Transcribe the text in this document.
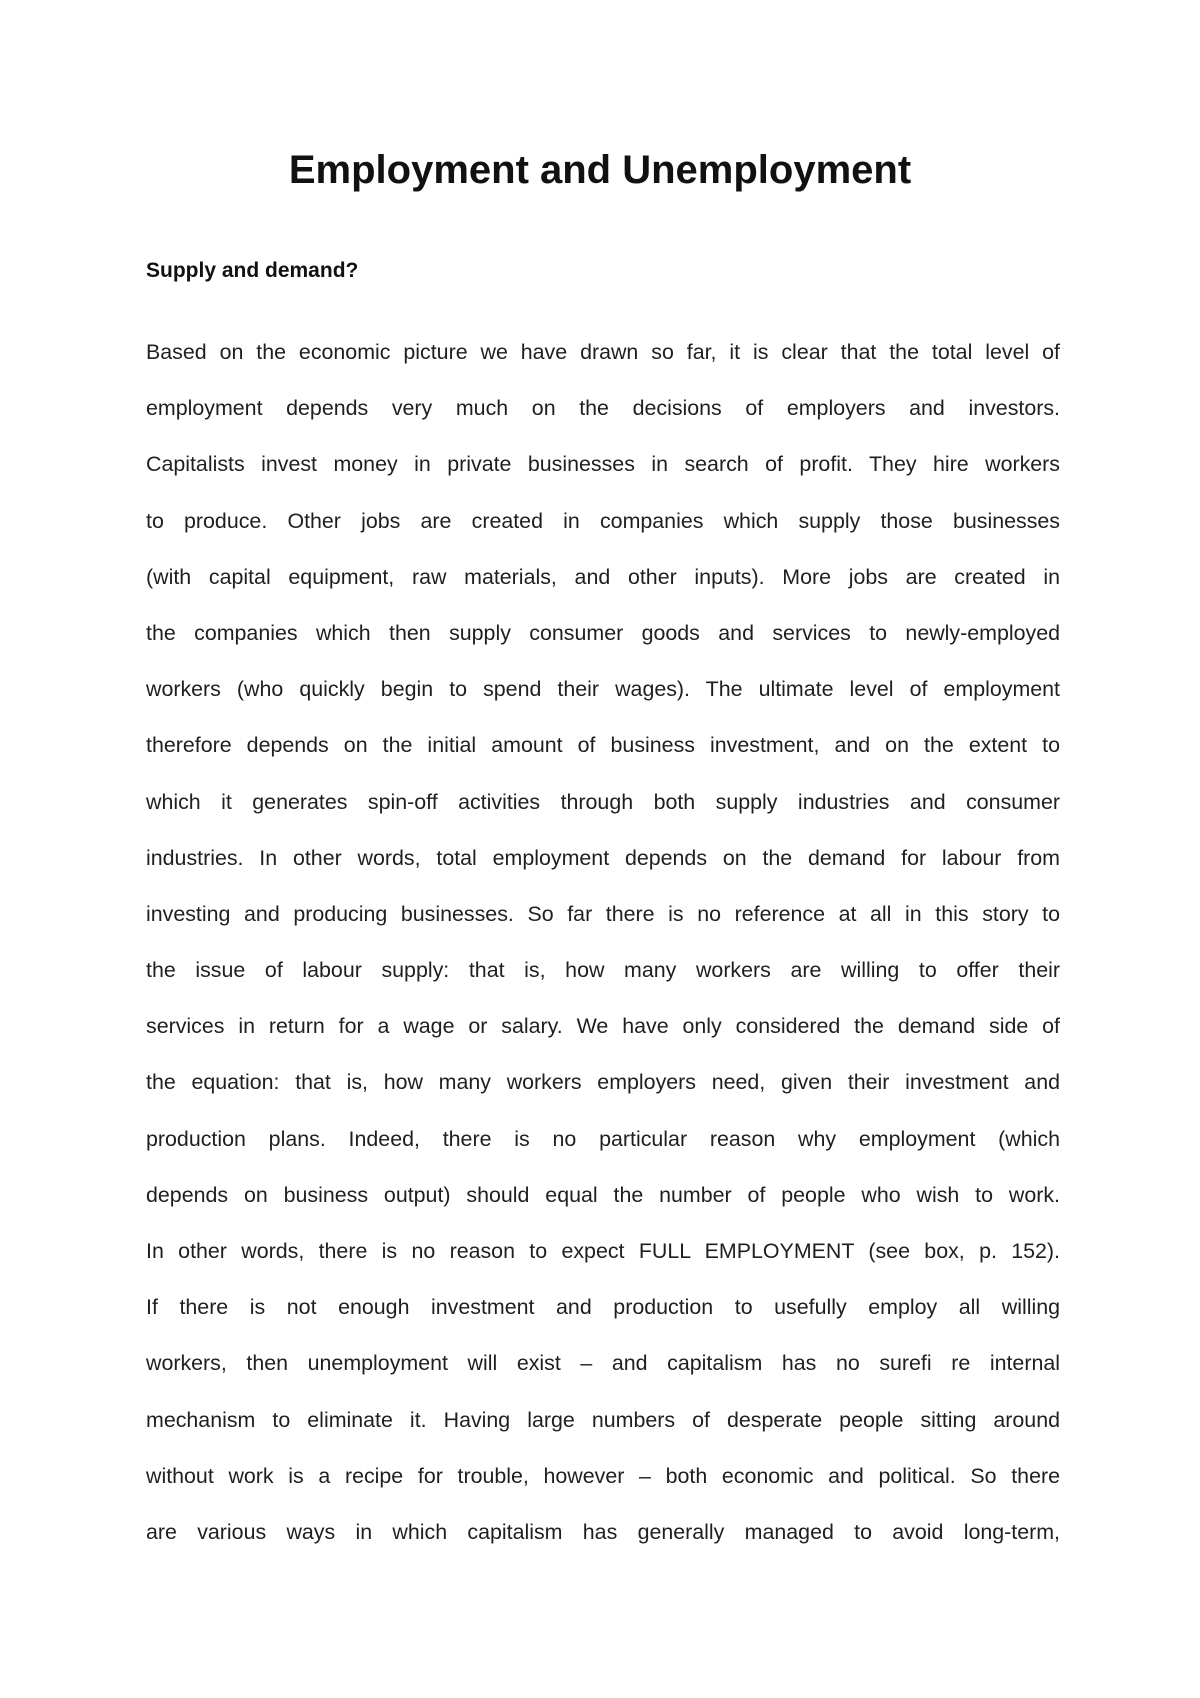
Employment and Unemployment
Supply and demand?
Based on the economic picture we have drawn so far, it is clear that the total level of
employment depends very much on the decisions of employers and investors.
Capitalists invest money in private businesses in search of profit. They hire workers
to produce. Other jobs are created in companies which supply those businesses
(with capital equipment, raw materials, and other inputs). More jobs are created in
the companies which then supply consumer goods and services to newly-employed
workers (who quickly begin to spend their wages). The ultimate level of employment
therefore depends on the initial amount of business investment, and on the extent to
which it generates spin-off activities through both supply industries and consumer
industries. In other words, total employment depends on the demand for labour from
investing and producing businesses. So far there is no reference at all in this story to
the issue of labour supply: that is, how many workers are willing to offer their
services in return for a wage or salary. We have only considered the demand side of
the equation: that is, how many workers employers need, given their investment and
production plans. Indeed, there is no particular reason why employment (which
depends on business output) should equal the number of people who wish to work.
In other words, there is no reason to expect FULL EMPLOYMENT (see box, p. 152).
If there is not enough investment and production to usefully employ all willing
workers, then unemployment will exist – and capitalism has no surefi re internal
mechanism to eliminate it. Having large numbers of desperate people sitting around
without work is a recipe for trouble, however – both economic and political. So there
are various ways in which capitalism has generally managed to avoid long-term,
